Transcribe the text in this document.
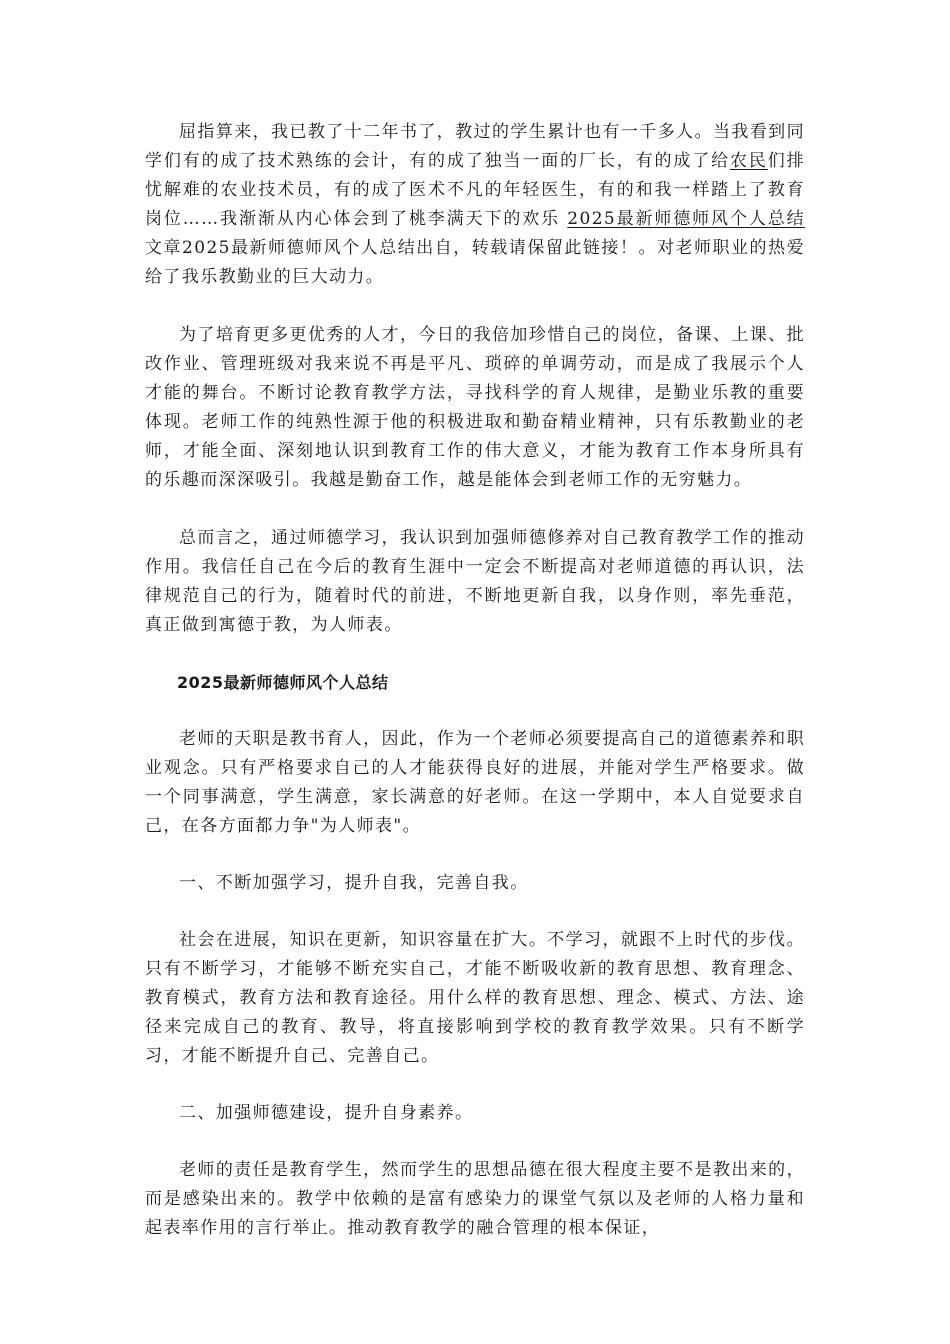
屈指算来，我已教了十二年书了，教过的学生累计也有一千多人。当我看到同学们有的成了技术熟练的会计，有的成了独当一面的厂长，有的成了给农民们排忧解难的农业技术员，有的成了医术不凡的年轻医生，有的和我一样踏上了教育岗位……我渐渐从内心体会到了桃李满天下的欢乐 2025最新师德师风个人总结文章2025最新师德师风个人总结出自，转载请保留此链接！。对老师职业的热爱给了我乐教勤业的巨大动力。

为了培育更多更优秀的人才，今日的我倍加珍惜自己的岗位，备课、上课、批改作业、管理班级对我来说不再是平凡、琐碎的单调劳动，而是成了我展示个人才能的舞台。不断讨论教育教学方法，寻找科学的育人规律，是勤业乐教的重要体现。老师工作的纯熟性源于他的积极进取和勤奋精业精神，只有乐教勤业的老师，才能全面、深刻地认识到教育工作的伟大意义，才能为教育工作本身所具有的乐趣而深深吸引。我越是勤奋工作，越是能体会到老师工作的无穷魅力。

总而言之，通过师德学习，我认识到加强师德修养对自己教育教学工作的推动作用。我信任自己在今后的教育生涯中一定会不断提高对老师道德的再认识，法律规范自己的行为，随着时代的前进，不断地更新自我，以身作则，率先垂范，真正做到寓德于教，为人师表。

2025最新师德师风个人总结

老师的天职是教书育人，因此，作为一个老师必须要提高自己的道德素养和职业观念。只有严格要求自己的人才能获得良好的进展，并能对学生严格要求。做一个同事满意，学生满意，家长满意的好老师。在这一学期中，本人自觉要求自己，在各方面都力争"为人师表"。

一、不断加强学习，提升自我，完善自我。

社会在进展，知识在更新，知识容量在扩大。不学习，就跟不上时代的步伐。只有不断学习，才能够不断充实自己，才能不断吸收新的教育思想、教育理念、教育模式，教育方法和教育途径。用什么样的教育思想、理念、模式、方法、途径来完成自己的教育、教导，将直接影响到学校的教育教学效果。只有不断学习，才能不断提升自己、完善自己。

二、加强师德建设，提升自身素养。

老师的责任是教育学生，然而学生的思想品德在很大程度主要不是教出来的，而是感染出来的。教学中依赖的是富有感染力的课堂气氛以及老师的人格力量和起表率作用的言行举止。推动教育教学的融合管理的根本保证，
